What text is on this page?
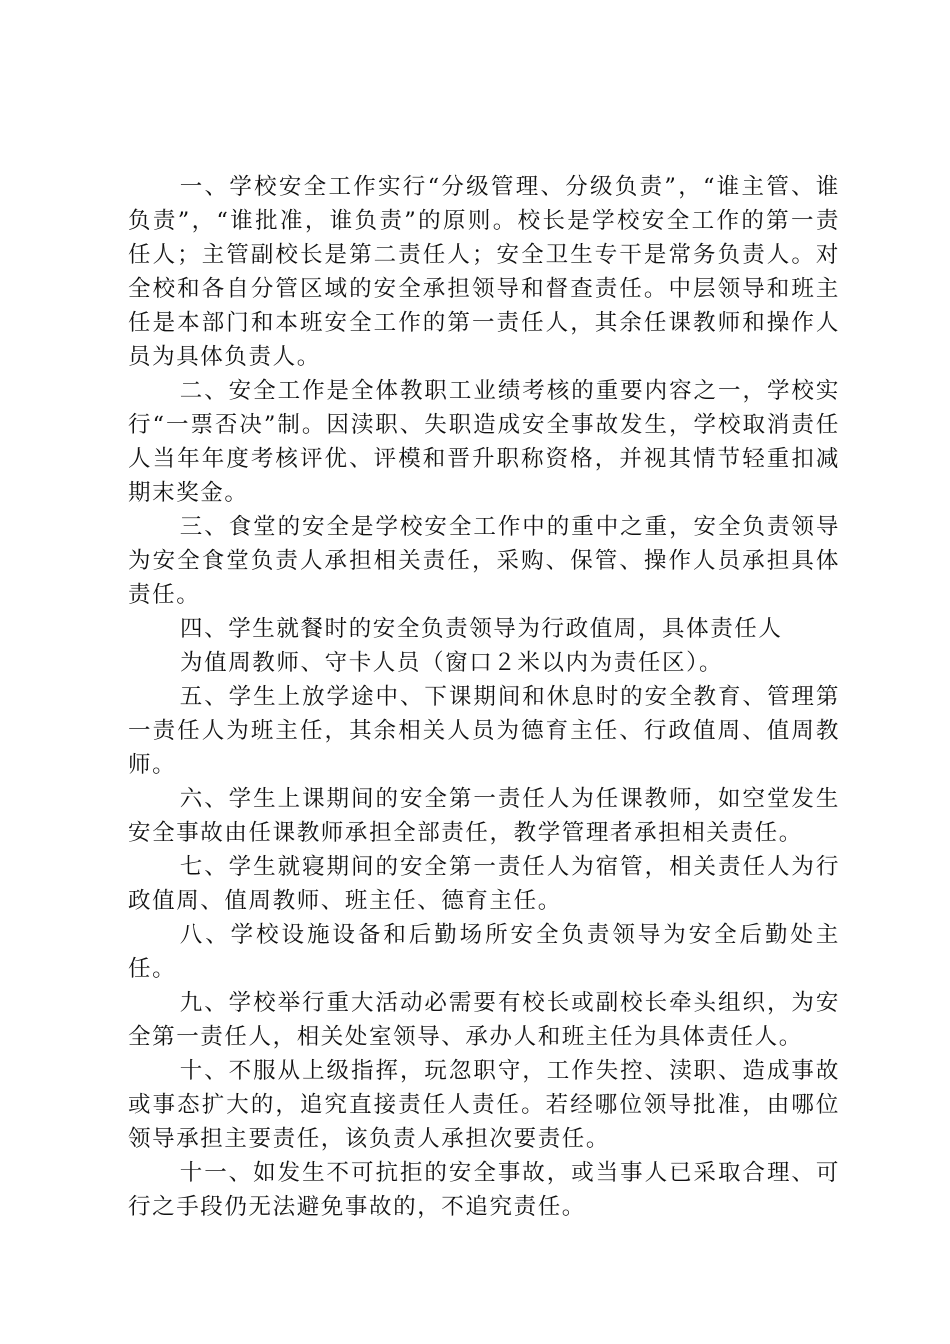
一、学校安全工作实行“分级管理、分级负责”，“谁主管、谁负责”，“谁批准，谁负责”的原则。校长是学校安全工作的第一责任人；主管副校长是第二责任人；安全卫生专干是常务负责人。对全校和各自分管区域的安全承担领导和督查责任。中层领导和班主任是本部门和本班安全工作的第一责任人，其余任课教师和操作人员为具体负责人。

二、安全工作是全体教职工业绩考核的重要内容之一，学校实行“一票否决”制。因渎职、失职造成安全事故发生，学校取消责任人当年年度考核评优、评模和晋升职称资格，并视其情节轻重扣减期末奖金。

三、食堂的安全是学校安全工作中的重中之重，安全负责领导为安全食堂负责人承担相关责任，采购、保管、操作人员承担具体责任。

四、学生就餐时的安全负责领导为行政值周，具体责任人
为值周教师、守卡人员（窗口２米以内为责任区）。

五、学生上放学途中、下课期间和休息时的安全教育、管理第一责任人为班主任，其余相关人员为德育主任、行政值周、值周教师。

六、学生上课期间的安全第一责任人为任课教师，如空堂发生安全事故由任课教师承担全部责任，教学管理者承担相关责任。

七、学生就寝期间的安全第一责任人为宿管，相关责任人为行政值周、值周教师、班主任、德育主任。

八、学校设施设备和后勤场所安全负责领导为安全后勤处主任。

九、学校举行重大活动必需要有校长或副校长牵头组织，为安全第一责任人，相关处室领导、承办人和班主任为具体责任人。

十、不服从上级指挥，玩忽职守，工作失控、渎职、造成事故或事态扩大的，追究直接责任人责任。若经哪位领导批准，由哪位领导承担主要责任，该负责人承担次要责任。

十一、如发生不可抗拒的安全事故，或当事人已采取合理、可行之手段仍无法避免事故的，不追究责任。
